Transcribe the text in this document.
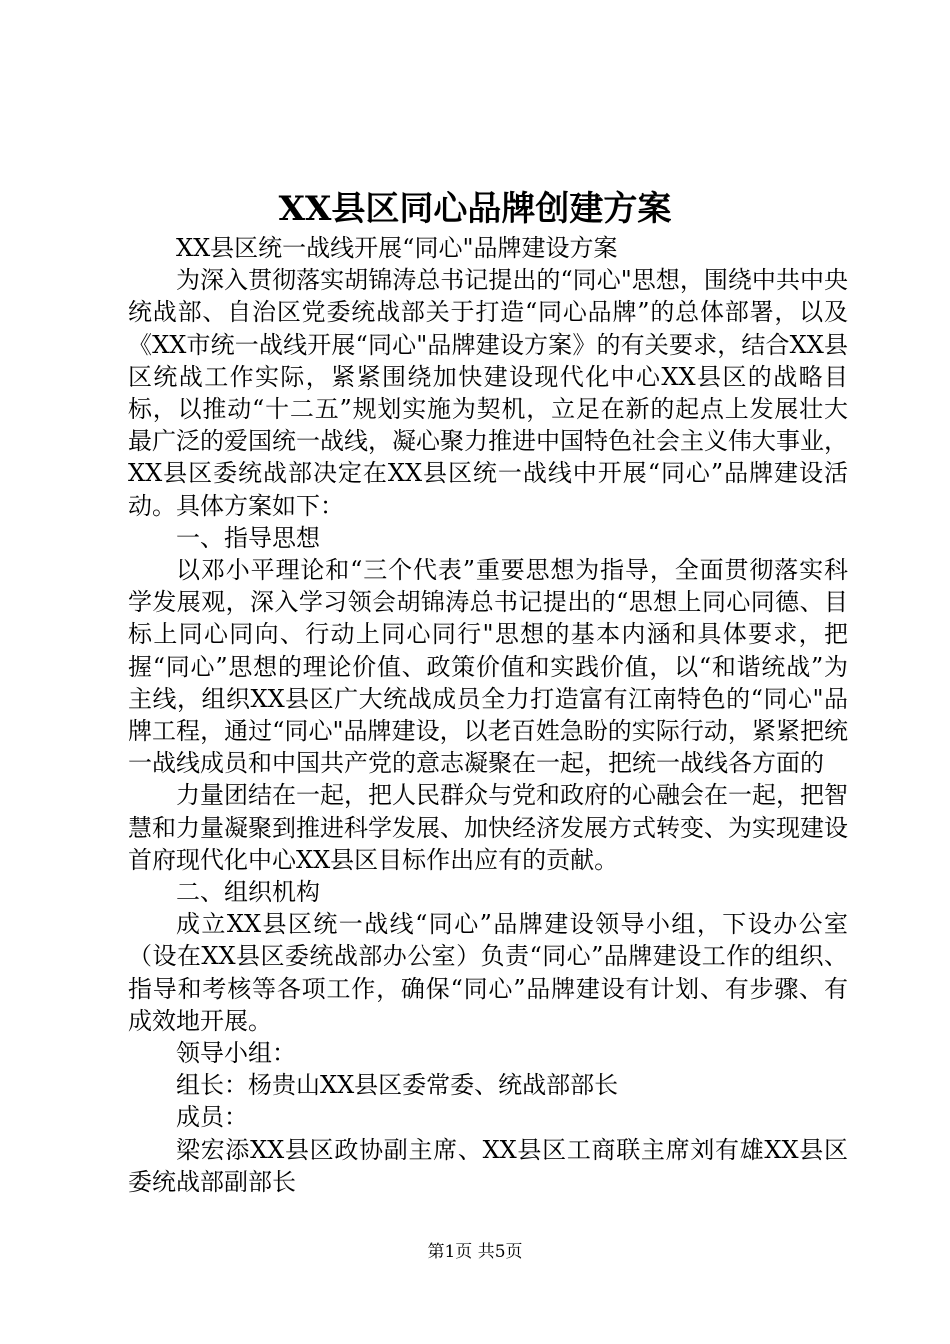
XX县区同心品牌创建方案

XX县区统一战线开展“同心"品牌建设方案

为深入贯彻落实胡锦涛总书记提出的“同心"思想，围绕中共中央统战部、自治区党委统战部关于打造“同心品牌”的总体部署，以及《XX市统一战线开展“同心"品牌建设方案》的有关要求，结合XX县区统战工作实际，紧紧围绕加快建设现代化中心XX县区的战略目标，以推动“十二五”规划实施为契机，立足在新的起点上发展壮大最广泛的爱国统一战线，凝心聚力推进中国特色社会主义伟大事业，XX县区委统战部决定在XX县区统一战线中开展“同心”品牌建设活动。具体方案如下：

一、指导思想

以邓小平理论和“三个代表”重要思想为指导，全面贯彻落实科学发展观，深入学习领会胡锦涛总书记提出的“思想上同心同德、目标上同心同向、行动上同心同行"思想的基本内涵和具体要求，把握“同心”思想的理论价值、政策价值和实践价值，以“和谐统战”为主线，组织XX县区广大统战成员全力打造富有江南特色的“同心"品牌工程，通过“同心"品牌建设，以老百姓急盼的实际行动，紧紧把统一战线成员和中国共产党的意志凝聚在一起，把统一战线各方面的

力量团结在一起，把人民群众与党和政府的心融会在一起，把智慧和力量凝聚到推进科学发展、加快经济发展方式转变、为实现建设首府现代化中心XX县区目标作出应有的贡献。

二、组织机构

成立XX县区统一战线“同心”品牌建设领导小组，下设办公室（设在XX县区委统战部办公室）负责“同心”品牌建设工作的组织、指导和考核等各项工作，确保“同心”品牌建设有计划、有步骤、有成效地开展。

领导小组：

组长：杨贵山XX县区委常委、统战部部长

成员：

梁宏添XX县区政协副主席、XX县区工商联主席刘有雄XX县区委统战部副部长

第1页 共5页
